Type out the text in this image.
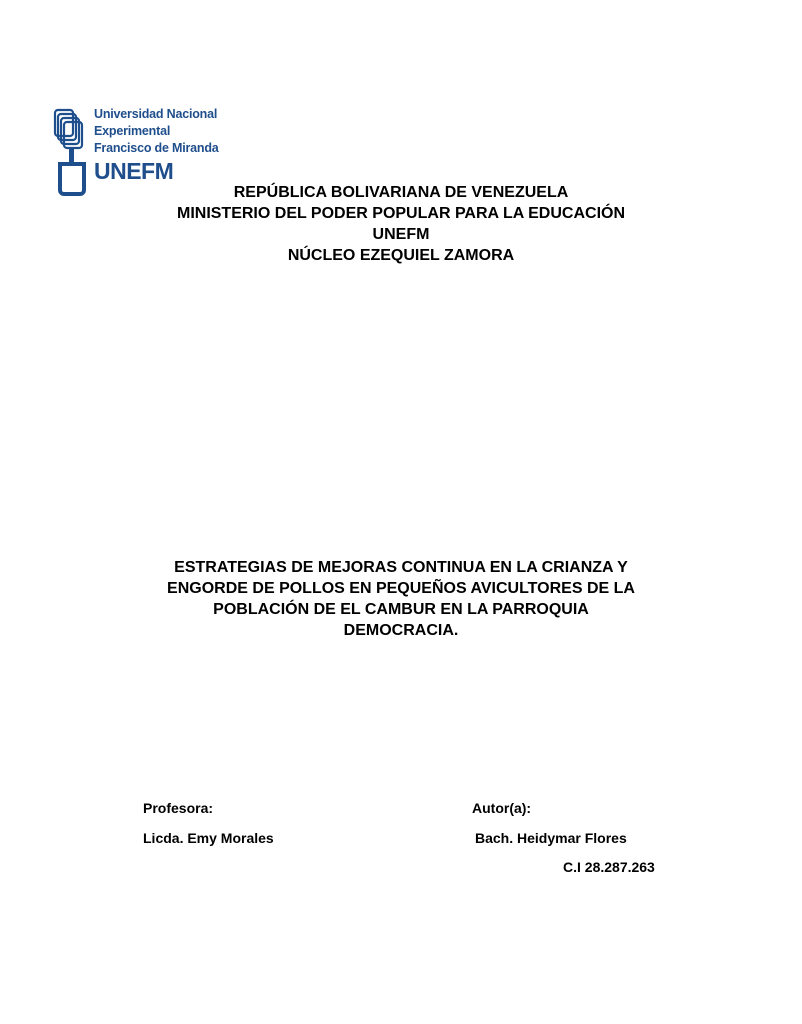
Universidad Nacional
Experimental
Francisco de Miranda
UNEFM
REPÚBLICA BOLIVARIANA DE VENEZUELA
MINISTERIO DEL PODER POPULAR PARA LA EDUCACIÓN
UNEFM
NÚCLEO EZEQUIEL ZAMORA
ESTRATEGIAS DE MEJORAS CONTINUA EN LA CRIANZA Y
ENGORDE DE POLLOS EN PEQUEÑOS AVICULTORES DE LA
POBLACIÓN DE EL CAMBUR EN LA PARROQUIA
DEMOCRACIA.
Profesora:
Licda. Emy Morales
Autor(a):
Bach. Heidymar Flores
C.I 28.287.263
